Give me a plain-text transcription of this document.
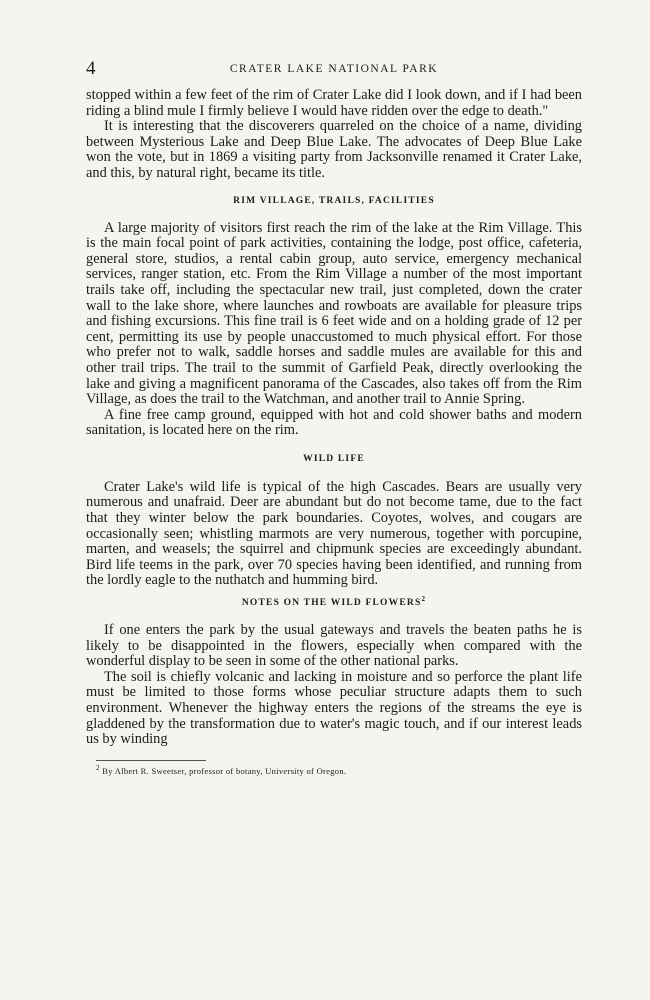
4	CRATER LAKE NATIONAL PARK

stopped within a few feet of the rim of Crater Lake did I look down, and if I had been riding a blind mule I firmly believe I would have ridden over the edge to death."

It is interesting that the discoverers quarreled on the choice of a name, dividing between Mysterious Lake and Deep Blue Lake. The advocates of Deep Blue Lake won the vote, but in 1869 a visiting party from Jacksonville renamed it Crater Lake, and this, by natural right, became its title.

RIM VILLAGE, TRAILS, FACILITIES

A large majority of visitors first reach the rim of the lake at the Rim Village. This is the main focal point of park activities, containing the lodge, post office, cafeteria, general store, studios, a rental cabin group, auto service, emergency mechanical services, ranger station, etc. From the Rim Village a number of the most important trails take off, including the spectacular new trail, just completed, down the crater wall to the lake shore, where launches and rowboats are available for pleasure trips and fishing excursions. This fine trail is 6 feet wide and on a holding grade of 12 per cent, permitting its use by people unaccustomed to much physical effort. For those who prefer not to walk, saddle horses and saddle mules are available for this and other trail trips. The trail to the summit of Garfield Peak, directly overlooking the lake and giving a magnificent panorama of the Cascades, also takes off from the Rim Village, as does the trail to the Watchman, and another trail to Annie Spring.

A fine free camp ground, equipped with hot and cold shower baths and modern sanitation, is located here on the rim.

WILD LIFE

Crater Lake's wild life is typical of the high Cascades. Bears are usually very numerous and unafraid. Deer are abundant but do not become tame, due to the fact that they winter below the park boundaries. Coyotes, wolves, and cougars are occasionally seen; whistling marmots are very numerous, together with porcupine, marten, and weasels; the squirrel and chipmunk species are exceedingly abundant. Bird life teems in the park, over 70 species having been identified, and running from the lordly eagle to the nuthatch and humming bird.

NOTES ON THE WILD FLOWERS$^2$

If one enters the park by the usual gateways and travels the beaten paths he is likely to be disappointed in the flowers, especially when compared with the wonderful display to be seen in some of the other national parks.

The soil is chiefly volcanic and lacking in moisture and so perforce the plant life must be limited to those forms whose peculiar structure adapts them to such environment. Whenever the highway enters the regions of the streams the eye is gladdened by the transformation due to water's magic touch, and if our interest leads us by winding

$^2$ By Albert R. Sweetser, professor of botany, University of Oregon.
